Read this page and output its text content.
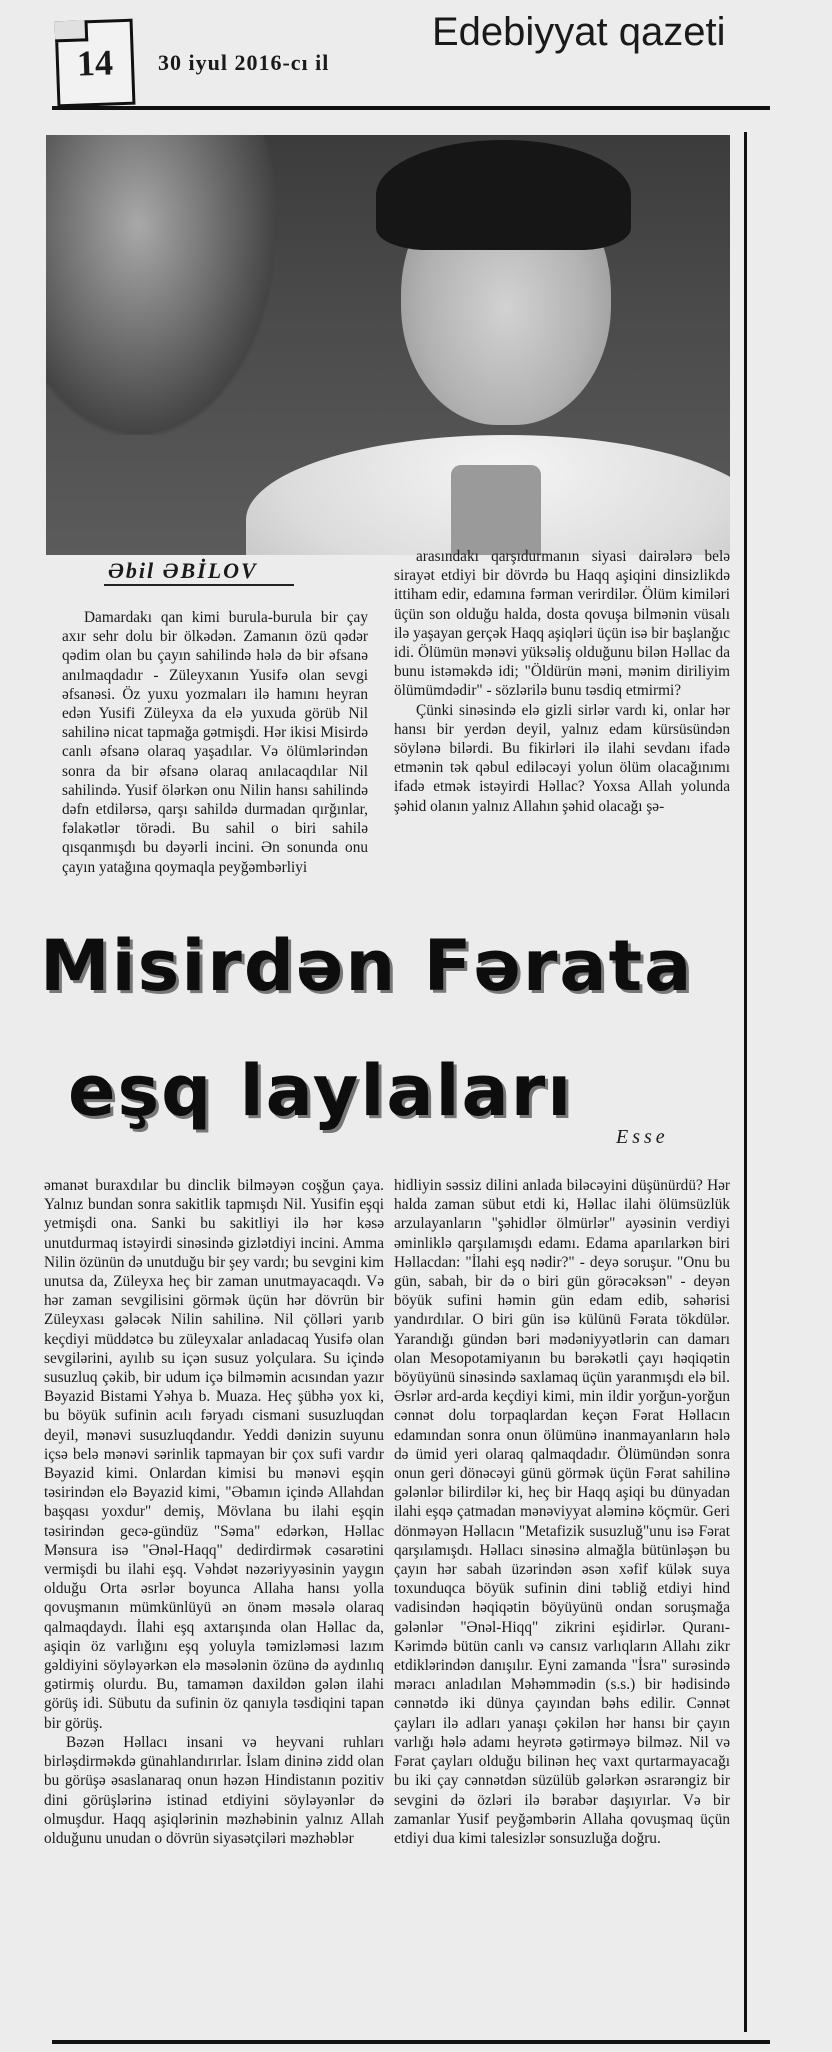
14 30 iyul 2016-cı il
Edebiyyat qazeti
Əbil ƏBİLOV

Damardakı qan kimi burula-burula bir çay axır sehr dolu bir ölkədən. Zamanın özü qədər qədim olan bu çayın sahilində hələ də bir əfsanə anılmaqdadır - Züleyxanın Yusifə olan sevgi əfsanəsi. Öz yuxu yozmaları ilə hamını heyran edən Yusifi Züleyxa da elə yuxuda görüb Nil sahilinə nicat tapmağa gətmişdi. Hər ikisi Misirdə canlı əfsanə olaraq yaşadılar. Və ölümlərindən sonra da bir əfsanə olaraq anılacaqdılar Nil sahilində. Yusif ölərkən onu Nilin hansı sahilində dəfn etdilərsə, qarşı sahildə durmadan qırğınlar, fəlakətlər törədi. Bu sahil o biri sahilə qısqanmışdı bu dəyərli incini. Ən sonunda onu çayın yatağına qoymaqla peyğəmbərliyi

arasındakı qarşıdurmanın siyasi dairələrə belə sirayət etdiyi bir dövrdə bu Haqq aşiqini dinsizlikdə ittiham edir, edamına fərman verirdilər. Ölüm kimiləri üçün son olduğu halda, dosta qovuşa bilmənin vüsalı ilə yaşayan gerçək Haqq aşiqləri üçün isə bir başlanğıc idi. Ölümün mənəvi yüksəliş olduğunu bilən Həllac da bunu istəməkdə idi; "Öldürün məni, mənim diriliyim ölümümdədir" - sözlərilə bunu təsdiq etmirmi?

Çünki sinəsində elə gizli sirlər vardı ki, onlar hər hansı bir yerdən deyil, yalnız edam kürsüsündən söylənə bilərdi. Bu fikirləri ilə ilahi sevdanı ifadə etmənin tək qəbul ediləcəyi yolun ölüm olacağınımı ifadə etmək istəyirdi Həllac? Yoxsa Allah yolunda şəhid olanın yalnız Allahın şəhid olacağı şə-

Misirdən Fərata
eşq laylaları
Esse

əmanət buraxdılar bu dinclik bilməyən coşğun çaya. Yalnız bundan sonra sakitlik tapmışdı Nil. Yusifin eşqi yetmişdi ona. Sanki bu sakitliyi ilə hər kəsə unutdurmaq istəyirdi sinəsində gizlətdiyi incini. Amma Nilin özünün də unutduğu bir şey vardı; bu sevgini kim unutsa da, Züleyxa heç bir zaman unutmayacaqdı. Və hər zaman sevgilisini görmək üçün hər dövrün bir Züleyxası gələcək Nilin sahilinə. Nil çölləri yarıb keçdiyi müddətcə bu züleyxalar anladacaq Yusifə olan sevgilərini, ayılıb su içən susuz yolçulara. Su içində susuzluq çəkib, bir udum içə bilməmin acısından yazır Bəyazid Bistami Yəhya b. Muaza. Heç şübhə yox ki, bu böyük sufinin acılı fəryadı cismani susuzluqdan deyil, mənəvi susuzluqdandır. Yeddi dənizin suyunu içsə belə mənəvi sərinlik tapmayan bir çox sufi vardır Bəyazid kimi. Onlardan kimisi bu mənəvi eşqin təsirindən elə Bəyazid kimi, "Əbamın içində Allahdan başqası yoxdur" demiş, Mövlana bu ilahi eşqin təsirindən gecə-gündüz "Səma" edərkən, Həllac Mənsura isə "Ənəl-Haqq" dedirdirmək cəsarətini vermişdi bu ilahi eşq. Vəhdət nəzəriyyəsinin yaygın olduğu Orta əsrlər boyunca Allaha hansı yolla qovuşmanın mümkünlüyü ən önəm məsələ olaraq qalmaqdaydı. İlahi eşq axtarışında olan Həllac da, aşiqin öz varlığını eşq yoluyla təmizləməsi lazım gəldiyini söyləyərkən elə məsələnin özünə də aydınlıq gətirmiş olurdu. Bu, tamamən daxildən gələn ilahi görüş idi. Sübutu da sufinin öz qanıyla təsdiqini tapan bir görüş.

Bəzən Həllacı insani və heyvani ruhları birləşdirməkdə günahlandırırlar. İslam dininə zidd olan bu görüşə əsaslanaraq onun həzən Hindistanın pozitiv dini görüşlərinə istinad etdiyini söyləyənlər də olmuşdur. Haqq aşiqlərinin məzhəbinin yalnız Allah olduğunu unudan o dövrün siyasətçiləri məzhəblər

hidliyin səssiz dilini anlada biləcəyini düşünürdü? Hər halda zaman sübut etdi ki, Həllac ilahi ölümsüzlük arzulayanların "şəhidlər ölmürlər" ayəsinin verdiyi əminliklə qarşılamışdı edamı. Edama aparılarkən biri Həllacdan: "İlahi eşq nədir?" - deyə soruşur. "Onu bu gün, sabah, bir də o biri gün görəcəksən" - deyən böyük sufini həmin gün edam edib, səhərisi yandırdılar. O biri gün isə külünü Fərata tökdülər. Yarandığı gündən bəri mədəniyyətlərin can damarı olan Mesopotamiyanın bu bərəkətli çayı həqiqətin böyüyünü sinəsində saxlamaq üçün yaranmışdı elə bil. Əsrlər ard-arda keçdiyi kimi, min ildir yorğun-yorğun cənnət dolu torpaqlardan keçən Fərat Həllacın edamından sonra onun ölümünə inanmayanların hələ də ümid yeri olaraq qalmaqdadır. Ölümündən sonra onun geri dönəcəyi günü görmək üçün Fərat sahilinə gələnlər bilirdilər ki, heç bir Haqq aşiqi bu dünyadan ilahi eşqə çatmadan mənəviyyat aləminə köçmür. Geri dönməyən Həllacın "Metafizik susuzluğ"unu isə Fərat qarşılamışdı. Həllacı sinəsinə almağla bütünləşən bu çayın hər sabah üzərindən əsən xəfif külək suya toxunduqca böyük sufinin dini təbliğ etdiyi hind vadisindən həqiqətin böyüyünü ondan soruşmağa gələnlər "Ənəl-Hiqq" zikrini eşidirlər. Quranı-Kərimdə bütün canlı və cansız varlıqların Allahı zikr etdiklərindən danışılır. Eyni zamanda "İsra" surəsində məracı anladılan Məhəmmədin (s.s.) bir hədisində cənnətdə iki dünya çayından bəhs edilir. Cənnət çayları ilə adları yanaşı çəkilən hər hansı bir çayın varlığı hələ adamı heyrətə gətirməyə bilməz. Nil və Fərat çayları olduğu bilinən heç vaxt qurtarmayacağı bu iki çay cənnətdən süzülüb gələrkən əsrarəngiz bir sevgini də özləri ilə bərabər daşıyırlar. Və bir zamanlar Yusif peyğəmbərin Allaha qovuşmaq üçün etdiyi dua kimi talesizlər sonsuzluğa doğru.
